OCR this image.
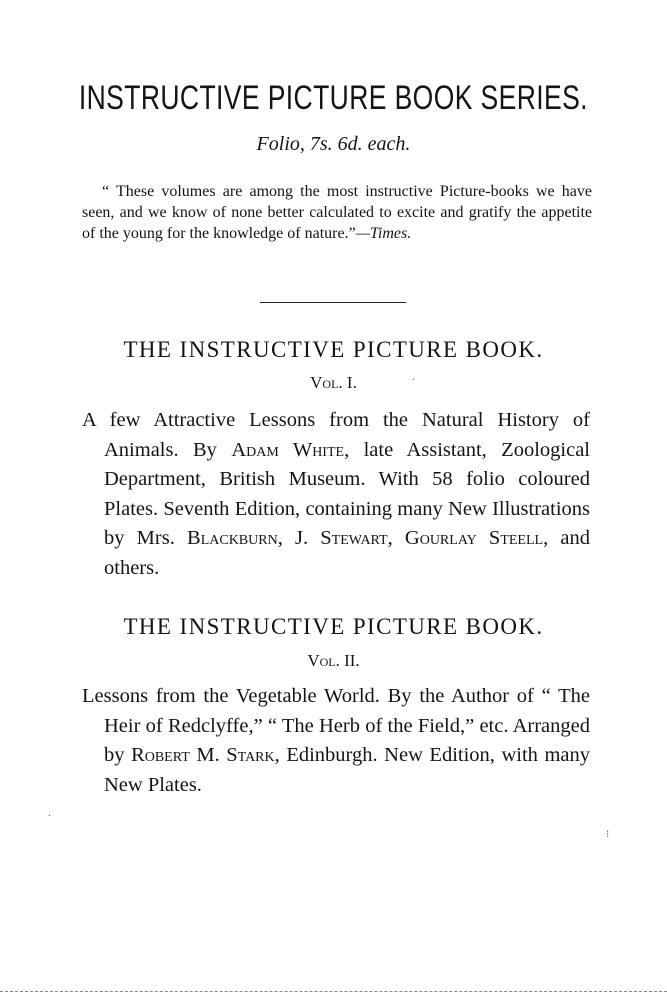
INSTRUCTIVE PICTURE BOOK SERIES.
Folio, 7s. 6d. each.
“ These volumes are among the most instructive Picture-books we have seen, and we know of none better calculated to excite and gratify the appetite of the young for the knowledge of nature.”—Times.
THE INSTRUCTIVE PICTURE BOOK.
Vol. I.
A few Attractive Lessons from the Natural History of Animals. By Adam White, late Assistant, Zoological Department, British Museum. With 58 folio coloured Plates. Seventh Edition, containing many New Illustrations by Mrs. Blackburn, J. Stewart, Gourlay Steell, and others.
THE INSTRUCTIVE PICTURE BOOK.
Vol. II.
Lessons from the Vegetable World. By the Author of “ The Heir of Redclyffe,” “ The Herb of the Field,” etc. Arranged by Robert M. Stark, Edinburgh. New Edition, with many New Plates.
·
·
⁝
